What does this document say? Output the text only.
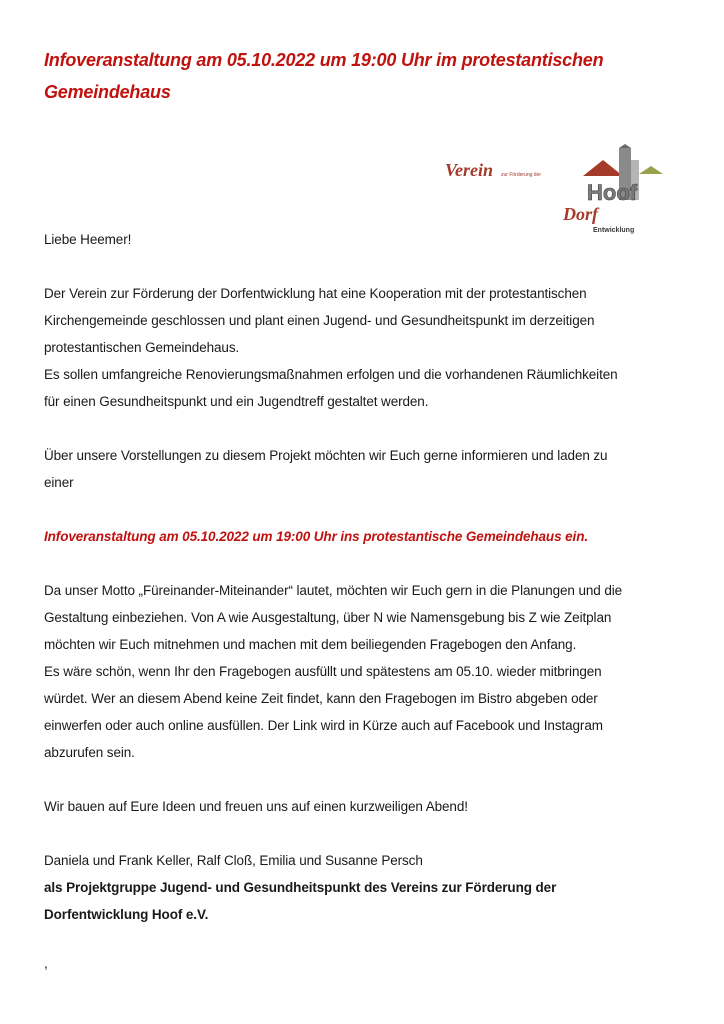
Infoveranstaltung am 05.10.2022 um 19:00 Uhr im protestantischen Gemeindehaus
Verein zur Förderung der
Hoof
Dorf
Entwicklung

Liebe Heemer!

Der Verein zur Förderung der Dorfentwicklung hat eine Kooperation mit der protestantischen

Kirchengemeinde geschlossen und plant einen Jugend- und Gesundheitspunkt im derzeitigen

protestantischen Gemeindehaus.

Es sollen umfangreiche Renovierungsmaßnahmen erfolgen und die vorhandenen Räumlichkeiten

für einen Gesundheitspunkt und ein Jugendtreff gestaltet werden.

Über unsere Vorstellungen zu diesem Projekt möchten wir Euch gerne informieren und laden zu

einer

Infoveranstaltung am 05.10.2022 um 19:00 Uhr ins protestantische Gemeindehaus ein.

Da unser Motto „Füreinander-Miteinander“ lautet, möchten wir Euch gern in die Planungen und die

Gestaltung einbeziehen. Von A wie Ausgestaltung, über N wie Namensgebung bis Z wie Zeitplan

möchten wir Euch mitnehmen und machen mit dem beiliegenden Fragebogen den Anfang.

Es wäre schön, wenn Ihr den Fragebogen ausfüllt und spätestens am 05.10. wieder mitbringen

würdet. Wer an diesem Abend keine Zeit findet, kann den Fragebogen im Bistro abgeben oder

einwerfen oder auch online ausfüllen. Der Link wird in Kürze auch auf Facebook und Instagram

abzurufen sein.

Wir bauen auf Eure Ideen und freuen uns auf einen kurzweiligen Abend!

Daniela und Frank Keller, Ralf Cloß, Emilia und Susanne Persch

als Projektgruppe Jugend- und Gesundheitspunkt des Vereins zur Förderung der

Dorfentwicklung Hoof e.V.

,
